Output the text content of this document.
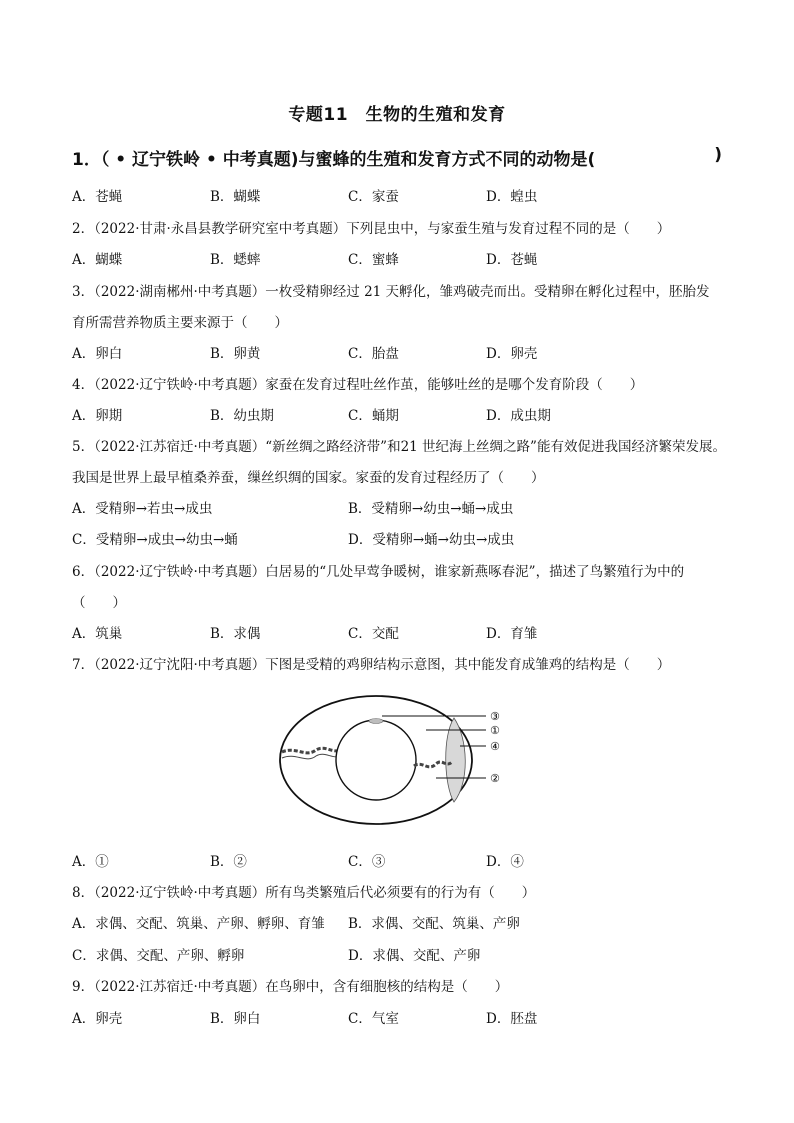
专题11　生物的生殖和发育
1．（ • 辽宁铁岭 • 中考真题)与蜜蜂的生殖和发育方式不同的动物是(	)
A．苍蝇	B．蝴蝶	C．家蚕	D．蝗虫
2．（2022·甘肃·永昌县教学研究室中考真题）下列昆虫中，与家蚕生殖与发育过程不同的是（　　）
A．蝴蝶	B．蟋蟀	C．蜜蜂	D．苍蝇
3．（2022·湖南郴州·中考真题）一枚受精卵经过 21 天孵化，雏鸡破壳而出。受精卵在孵化过程中，胚胎发
育所需营养物质主要来源于（　　）
A．卵白	B．卵黄	C．胎盘	D．卵壳
4．（2022·辽宁铁岭·中考真题）家蚕在发育过程吐丝作茧，能够吐丝的是哪个发育阶段（　　）
A．卵期	B．幼虫期	C．蛹期	D．成虫期
5．（2022·江苏宿迁·中考真题）“新丝绸之路经济带”和21 世纪海上丝绸之路”能有效促进我国经济繁荣发展。
我国是世界上最早植桑养蚕，缫丝织绸的国家。家蚕的发育过程经历了（　　）
A．受精卵→若虫→成虫	B．受精卵→幼虫→蛹→成虫
C．受精卵→成虫→幼虫→蛹	D．受精卵→蛹→幼虫→成虫
6．（2022·辽宁铁岭·中考真题）白居易的“几处早莺争暖树，谁家新燕啄春泥”，描述了鸟繁殖行为中的
（　　）
A．筑巢	B．求偶	C．交配	D．育雏
7．（2022·辽宁沈阳·中考真题）下图是受精的鸡卵结构示意图，其中能发育成雏鸡的结构是（　　）
③
①
④
②
A．①	B．②	C．③	D．④
8．（2022·辽宁铁岭·中考真题）所有鸟类繁殖后代必须要有的行为有（　　）
A．求偶、交配、筑巢、产卵、孵卵、育雏 B．求偶、交配、筑巢、产卵
C．求偶、交配、产卵、孵卵	D．求偶、交配、产卵
9．（2022·江苏宿迁·中考真题）在鸟卵中，含有细胞核的结构是（　　）
A．卵壳	B．卵白	C．气室	D．胚盘
